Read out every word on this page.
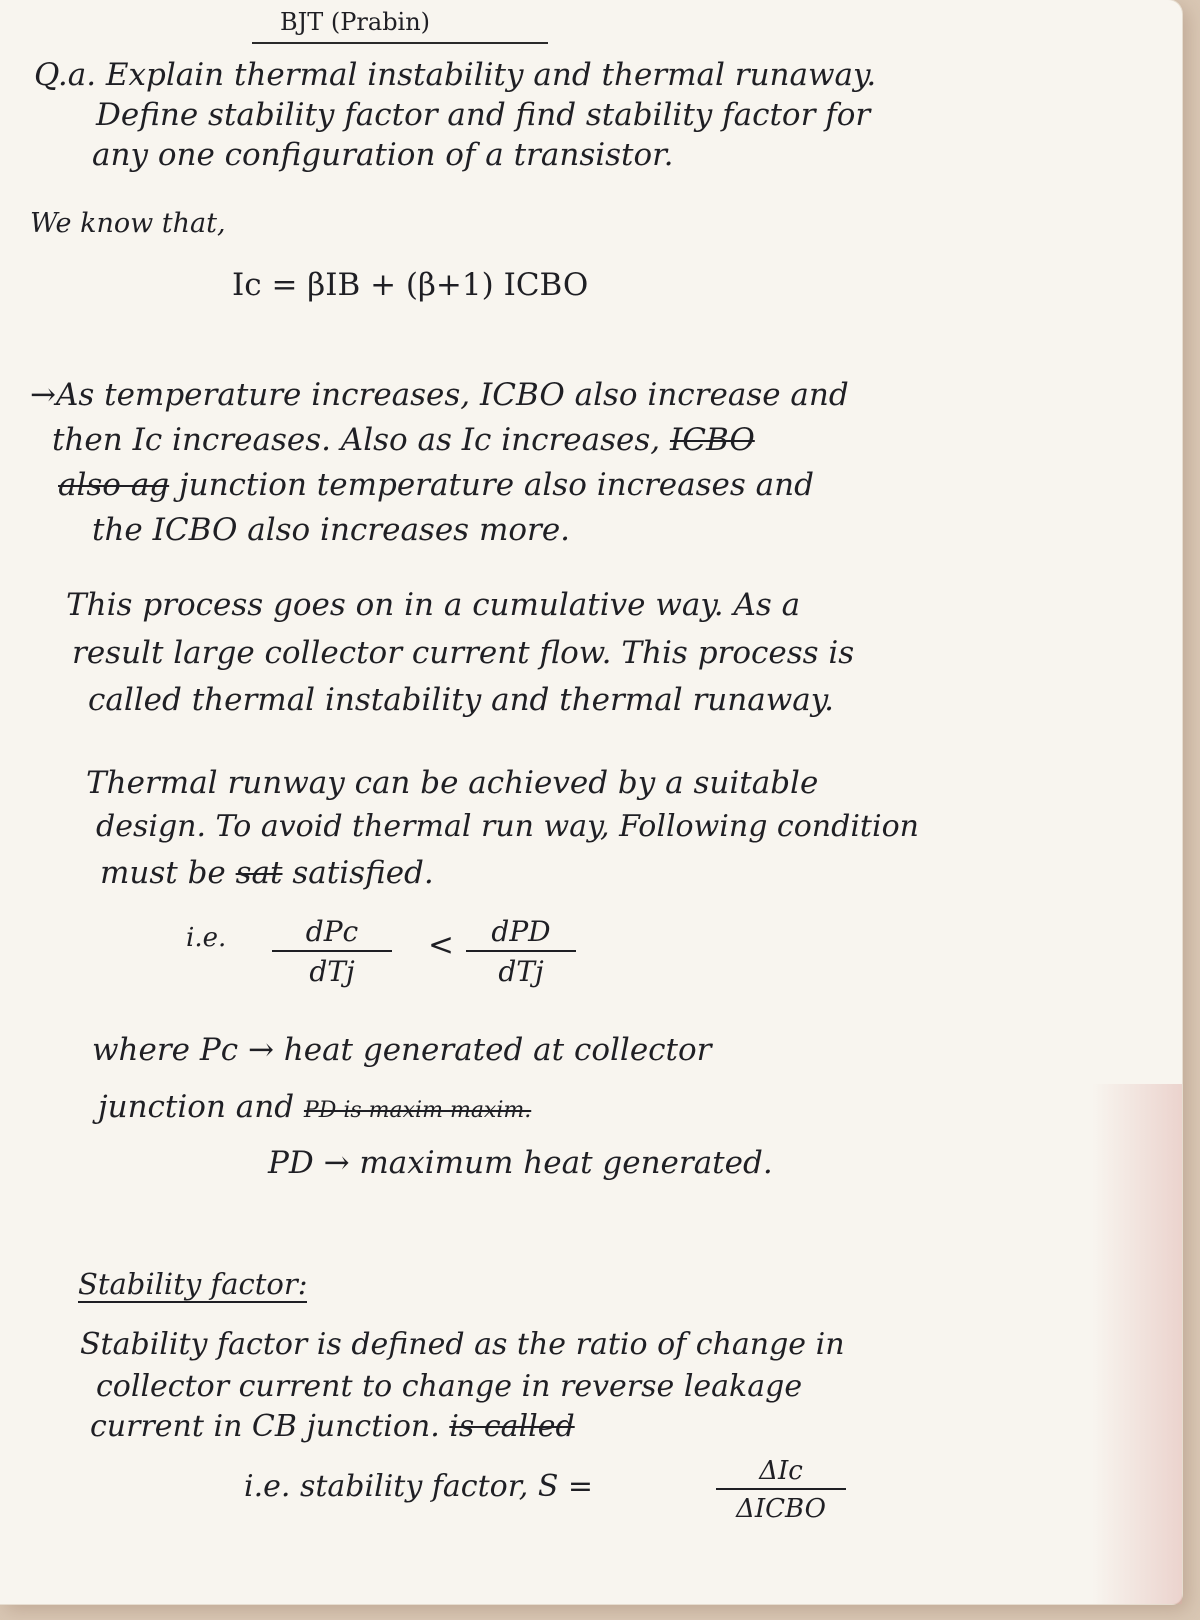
BJT (Prabin)
Q.a. Explain thermal instability and thermal runaway.
Define stability factor and find stability factor for
any one configuration of a transistor.
We know that,
Ic = βIB + (β+1) ICBO
→As temperature increases, ICBO also increase and
then Ic increases. Also as Ic increases, ICBO
also ag junction temperature also increases and
the ICBO also increases more.
This process goes on in a cumulative way. As a
result large collector current flow. This process is
called thermal instability and thermal runaway.
Thermal runway can be achieved by a suitable
design. To avoid thermal run way, Following condition
must be sat satisfied.
i.e.	dPc
dTj
<	dPD
dTj
where Pc → heat generated at collector
junction and PD is maxim maxim.
PD → maximum heat generated.
Stability factor:
Stability factor is defined as the ratio of change in
collector current to change in reverse leakage
current in CB junction. is called
i.e. stability factor, S =	ΔIc
ΔICBO
